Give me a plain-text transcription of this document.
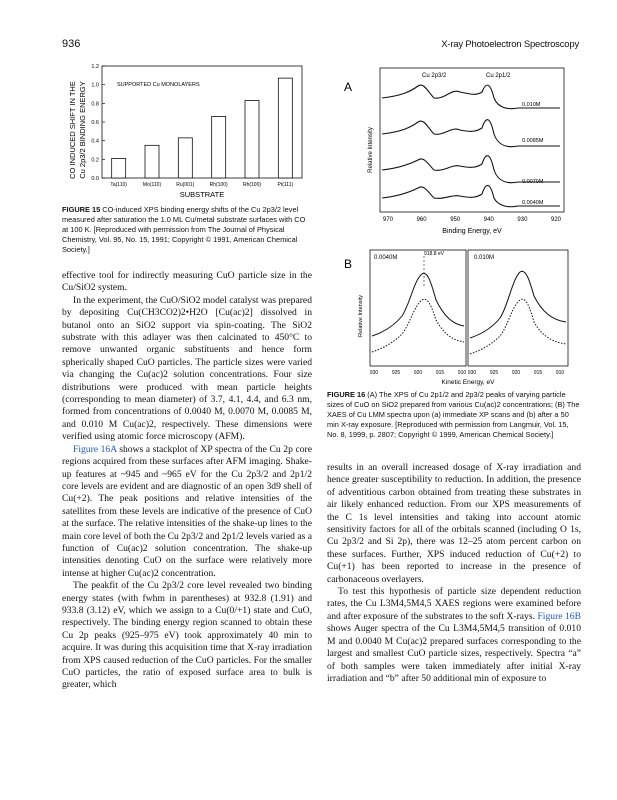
936	X-ray Photoelectron Spectroscopy
CO INDUCED SHIFT IN THE Cu 2p3/2 BINDING ENERGY	SUPPORTED Cu MONOLAYERS
0.0
0.2
0.4
0.6
0.8
1.0
1.2
Ta(110)	Mo(110)	Ru(001)	Rh(100)	Rh(100)	Pt(111)
SUBSTRATE
FIGURE 15 CO-induced XPS binding energy shifts of the Cu 2p3/2 level measured after saturation the 1.0 ML Cu/metal substrate surfaces with CO at 100 K. [Reproduced with permission from The Journal of Physical Chemistry, Vol. 95, No. 15, 1991; Copyright © 1991, American Chemical Society.]
A
Relative Intensity
Cu 2p3/2	Cu 2p1/2
0.010M
0.0085M
0.0070M
0.0040M
970	960	950	940	930	920
Binding Energy, eV
B
Relative Intensity
0.0040M
918.8 eV
0.010M
930	925	920	915	910 930	925	920	915	910
Kinetic Energy, eV
FIGURE 16 (A) The XPS of Cu 2p1/2 and 2p3/2 peaks of varying particle sizes of CuO on SiO2 prepared from various Cu(ac)2 concentrations; (B) The XAES of Cu LMM spectra upon (a) immediate XP scans and (b) after a 50 min X-ray exposure. [Reproduced with permission from Langmuir, Vol. 15, No. 8, 1999, p. 2807; Copyright © 1999, American Chemical Society.]

effective tool for indirectly measuring CuO particle size in the Cu/SiO2 system.

In the experiment, the CuO/SiO2 model catalyst was prepared by depositing Cu(CH3CO2)2•H2O [Cu(ac)2] dissolved in butanol onto an SiO2 support via spin-coating. The SiO2 substrate with this adlayer was then calcinated to 450°C to remove unwanted organic substituents and hence form spherically shaped CuO particles. The particle sizes were varied via changing the Cu(ac)2 solution concentrations. Four size distributions were produced with mean particle heights (corresponding to mean diameter) of 3.7, 4.1, 4.4, and 6.3 nm, formed from concentrations of 0.0040 M, 0.0070 M, 0.0085 M, and 0.010 M Cu(ac)2, respectively. These dimensions were verified using atomic force microscopy (AFM).

Figure 16A shows a stackplot of XP spectra of the Cu 2p core regions acquired from these surfaces after AFM imaging. Shake-up features at ~945 and ~965 eV for the Cu 2p3/2 and 2p1/2 core levels are evident and are diagnostic of an open 3d9 shell of Cu(+2). The peak positions and relative intensities of the satellites from these levels are indicative of the presence of CuO at the surface. The relative intensities of the shake-up lines to the main core level of both the Cu 2p3/2 and 2p1/2 levels varied as a function of Cu(ac)2 solution concentration. The shake-up intensities denoting CuO on the surface were relatively more intense at higher Cu(ac)2 concentration.

The peakfit of the Cu 2p3/2 core level revealed two binding energy states (with fwhm in parentheses) at 932.8 (1.91) and 933.8 (3.12) eV, which we assign to a Cu(0/+1) state and CuO, respectively. The binding energy region scanned to obtain these Cu 2p peaks (925–975 eV) took approximately 40 min to acquire. It was during this acquisition time that X-ray irradiation from XPS caused reduction of the CuO particles. For the smaller CuO particles, the ratio of exposed surface area to bulk is greater, which

results in an overall increased dosage of X-ray irradiation and hence greater susceptibility to reduction. In addition, the presence of adventitious carbon obtained from treating these substrates in air likely enhanced reduction. From our XPS measurements of the C 1s level intensities and taking into account atomic sensitivity factors for all of the orbitals scanned (including O 1s, Cu 2p3/2 and Si 2p), there was 12–25 atom percent carbon on these surfaces. Further, XPS induced reduction of Cu(+2) to Cu(+1) has been reported to increase in the presence of carbonaceous overlayers.

To test this hypothesis of particle size dependent reduction rates, the Cu L3M4,5M4,5 XAES regions were examined before and after exposure of the substrates to the soft X-rays. Figure 16B shows Auger spectra of the Cu L3M4,5M4,5 transition of 0.010 M and 0.0040 M Cu(ac)2 prepared surfaces corresponding to the largest and smallest CuO particle sizes, respectively. Spectra “a” of both samples were taken immediately after initial X-ray irradiation and “b” after 50 additional min of exposure to
